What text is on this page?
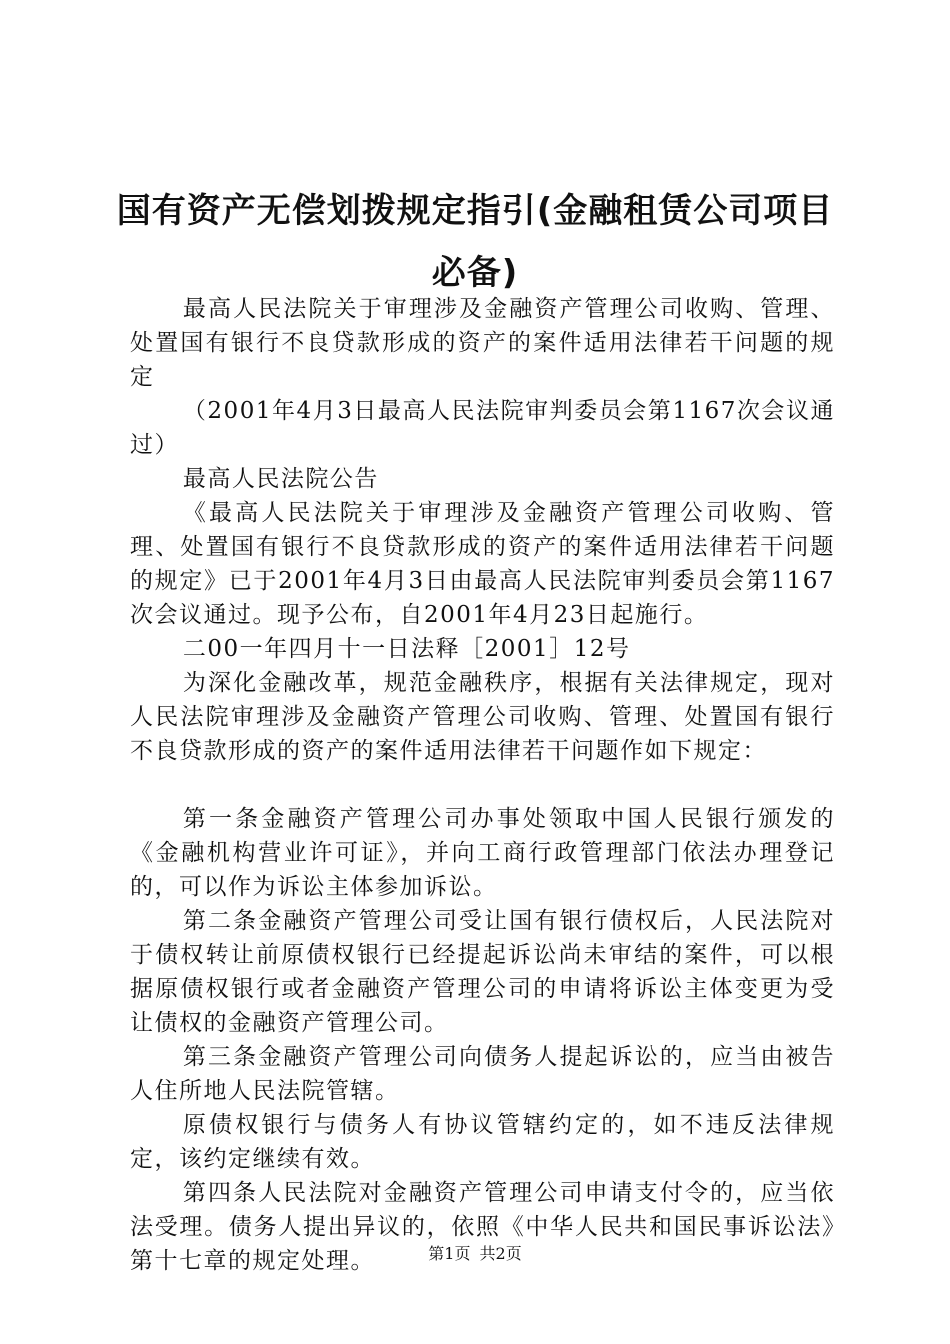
国有资产无偿划拨规定指引(金融租赁公司项目必备)

最高人民法院关于审理涉及金融资产管理公司收购、管理、处置国有银行不良贷款形成的资产的案件适用法律若干问题的规定

（2001年4月3日最高人民法院审判委员会第1167次会议通过）

最高人民法院公告

《最高人民法院关于审理涉及金融资产管理公司收购、管理、处置国有银行不良贷款形成的资产的案件适用法律若干问题的规定》已于2001年4月3日由最高人民法院审判委员会第1167次会议通过。现予公布，自2001年4月23日起施行。

二00一年四月十一日法释［2001］12号

为深化金融改革，规范金融秩序，根据有关法律规定，现对人民法院审理涉及金融资产管理公司收购、管理、处置国有银行不良贷款形成的资产的案件适用法律若干问题作如下规定：

第一条金融资产管理公司办事处领取中国人民银行颁发的《金融机构营业许可证》，并向工商行政管理部门依法办理登记的，可以作为诉讼主体参加诉讼。

第二条金融资产管理公司受让国有银行债权后，人民法院对于债权转让前原债权银行已经提起诉讼尚未审结的案件，可以根据原债权银行或者金融资产管理公司的申请将诉讼主体变更为受让债权的金融资产管理公司。

第三条金融资产管理公司向债务人提起诉讼的，应当由被告人住所地人民法院管辖。

原债权银行与债务人有协议管辖约定的，如不违反法律规定，该约定继续有效。

第四条人民法院对金融资产管理公司申请支付令的，应当依法受理。债务人提出异议的，依照《中华人民共和国民事诉讼法》第十七章的规定处理。	第1页 共2页
